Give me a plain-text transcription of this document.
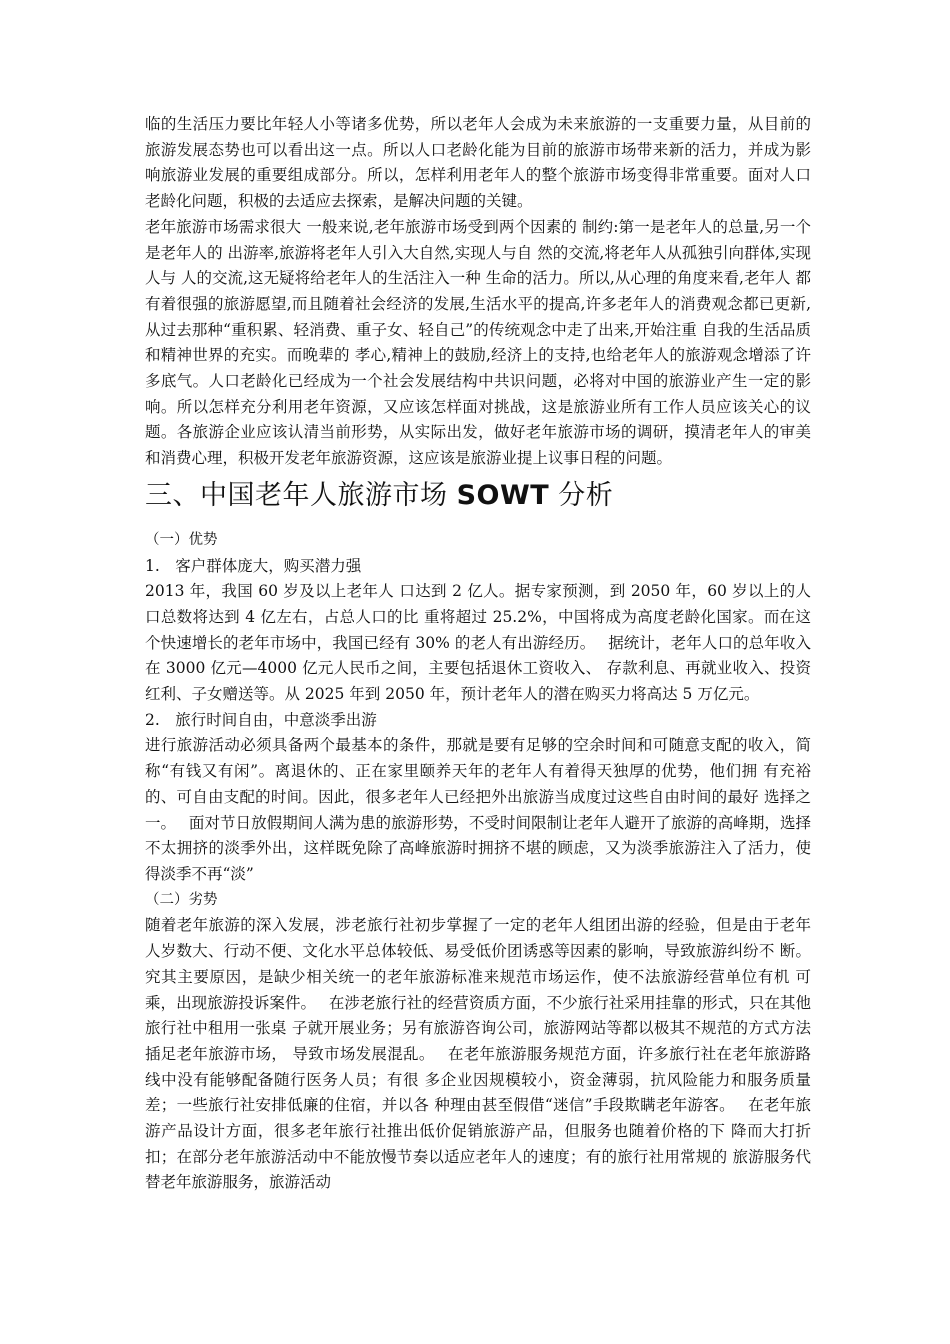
临的生活压力要比年轻人小等诸多优势，所以老年人会成为未来旅游的一支重要力量，从目前的旅游发展态势也可以看出这一点。所以人口老龄化能为目前的旅游市场带来新的活力，并成为影响旅游业发展的重要组成部分。所以，怎样利用老年人的整个旅游市场变得非常重要。面对人口老龄化问题，积极的去适应去探索，是解决问题的关键。

老年旅游市场需求很大 一般来说,老年旅游市场受到两个因素的 制约:第一是老年人的总量,另一个是老年人的 出游率,旅游将老年人引入大自然,实现人与自 然的交流,将老年人从孤独引向群体,实现人与 人的交流,这无疑将给老年人的生活注入一种 生命的活力。所以,从心理的角度来看,老年人 都有着很强的旅游愿望,而且随着社会经济的发展,生活水平的提高,许多老年人的消费观念都已更新,从过去那种“重积累、轻消费、重子女、轻自己”的传统观念中走了出来,开始注重 自我的生活品质和精神世界的充实。而晚辈的 孝心,精神上的鼓励,经济上的支持,也给老年人的旅游观念增添了许多底气。人口老龄化已经成为一个社会发展结构中共识问题，必将对中国的旅游业产生一定的影响。所以怎样充分利用老年资源，又应该怎样面对挑战，这是旅游业所有工作人员应该关心的议题。各旅游企业应该认清当前形势，从实际出发，做好老年旅游市场的调研，摸清老年人的审美和消费心理，积极开发老年旅游资源，这应该是旅游业提上议事日程的问题。

三、中国老年人旅游市场 SOWT 分析

（一）优势

1.　客户群体庞大，购买潜力强

2013 年，我国 60 岁及以上老年人 口达到 2 亿人。据专家预测，到 2050 年，60 岁以上的人口总数将达到 4 亿左右，占总人口的比 重将超过 25.2%，中国将成为高度老龄化国家。而在这个快速增长的老年市场中，我国已经有 30% 的老人有出游经历。　 据统计，老年人口的总年收入在 3000 亿元—4000 亿元人民币之间，主要包括退休工资收入、 存款利息、再就业收入、投资红利、子女赠送等。从 2025 年到 2050 年，预计老年人的潜在购买力将高达 5 万亿元。

2.　旅行时间自由，中意淡季出游

进行旅游活动必须具备两个最基本的条件，那就是要有足够的空余时间和可随意支配的收入，简称“有钱又有闲”。离退休的、正在家里颐养天年的老年人有着得天独厚的优势，他们拥 有充裕的、可自由支配的时间。因此，很多老年人已经把外出旅游当成度过这些自由时间的最好 选择之一。　 面对节日放假期间人满为患的旅游形势，不受时间限制让老年人避开了旅游的高峰期，选择 不太拥挤的淡季外出，这样既免除了高峰旅游时拥挤不堪的顾虑，又为淡季旅游注入了活力，使 得淡季不再“淡”

（二）劣势

随着老年旅游的深入发展，涉老旅行社初步掌握了一定的老年人组团出游的经验，但是由于老年人岁数大、行动不便、文化水平总体较低、易受低价团诱惑等因素的影响，导致旅游纠纷不 断。究其主要原因，是缺少相关统一的老年旅游标准来规范市场运作，使不法旅游经营单位有机 可乘，出现旅游投诉案件。　 在涉老旅行社的经营资质方面，不少旅行社采用挂靠的形式，只在其他旅行社中租用一张桌 子就开展业务；另有旅游咨询公司，旅游网站等都以极其不规范的方式方法插足老年旅游市场， 导致市场发展混乱。　 在老年旅游服务规范方面，许多旅行社在老年旅游路线中没有能够配备随行医务人员；有很 多企业因规模较小，资金薄弱，抗风险能力和服务质量差；一些旅行社安排低廉的住宿，并以各 种理由甚至假借“迷信”手段欺瞒老年游客。　 在老年旅游产品设计方面，很多老年旅行社推出低价促销旅游产品，但服务也随着价格的下 降而大打折扣；在部分老年旅游活动中不能放慢节奏以适应老年人的速度；有的旅行社用常规的 旅游服务代替老年旅游服务，旅游活动
